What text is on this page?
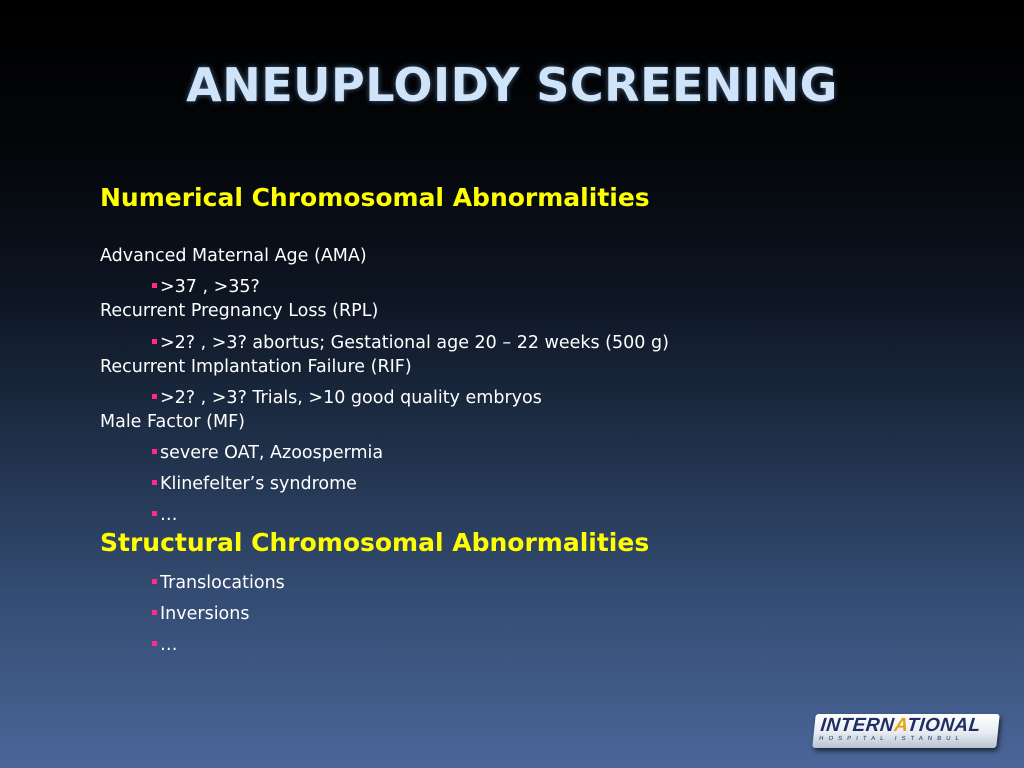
ANEUPLOIDY SCREENING
Numerical Chromosomal Abnormalities
Advanced Maternal Age (AMA)
>37 , >35?
Recurrent Pregnancy Loss (RPL)
>2? , >3? abortus; Gestational age 20 – 22 weeks (500 g)
Recurrent Implantation Failure (RIF)
>2? , >3? Trials, >10 good quality embryos
Male Factor (MF)
severe OAT, Azoospermia
Klinefelter’s syndrome
…
Structural Chromosomal Abnormalities
Translocations
Inversions
…
INTERNATIONAL
HOSPITAL ISTANBUL
